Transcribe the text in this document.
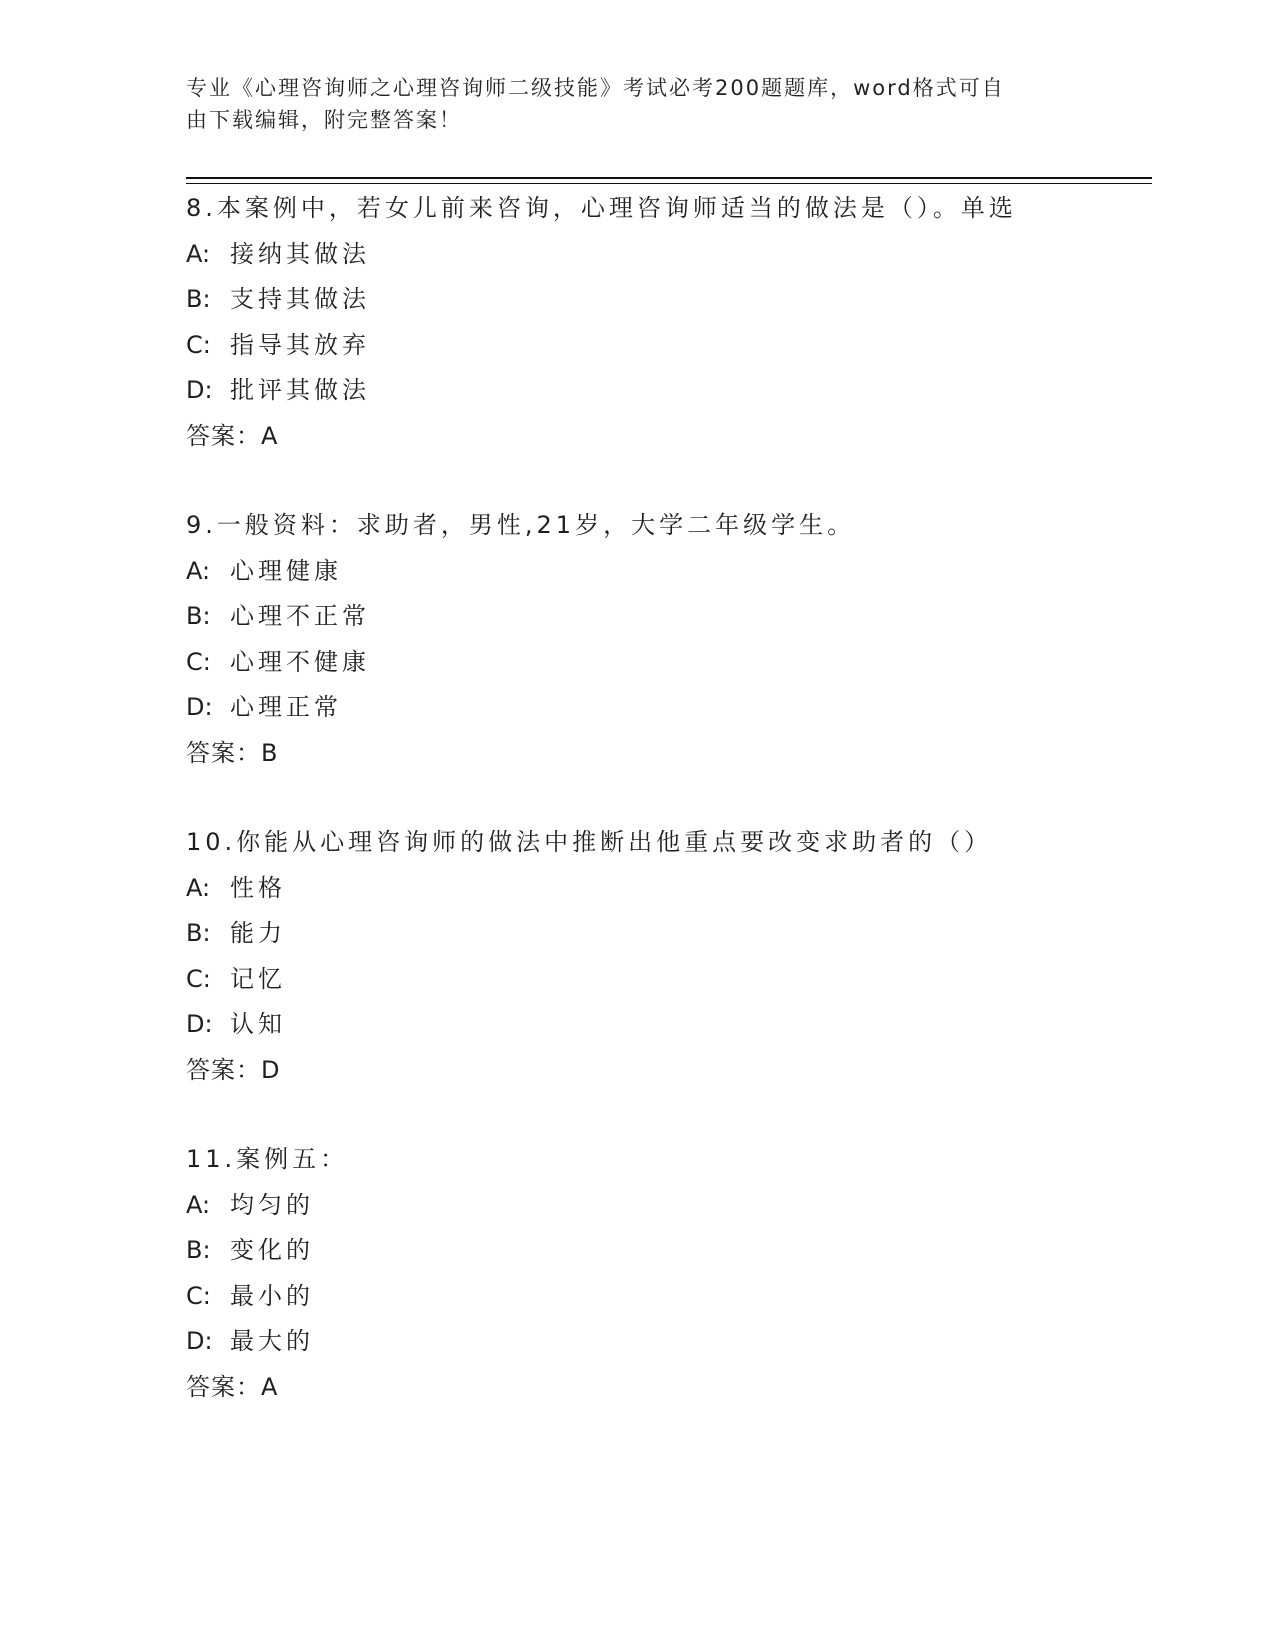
专业《心理咨询师之心理咨询师二级技能》考试必考200题题库，word格式可自
由下载编辑，附完整答案！
8.本案例中，若女儿前来咨询，心理咨询师适当的做法是（）。单选
A: 接纳其做法
B: 支持其做法
C: 指导其放弃
D: 批评其做法
答案：A
9.一般资料：求助者，男性,21岁，大学二年级学生。
A: 心理健康
B: 心理不正常
C: 心理不健康
D: 心理正常
答案：B
10.你能从心理咨询师的做法中推断出他重点要改变求助者的（）
A: 性格
B: 能力
C: 记忆
D: 认知
答案：D
11.案例五：
A: 均匀的
B: 变化的
C: 最小的
D: 最大的
答案：A
